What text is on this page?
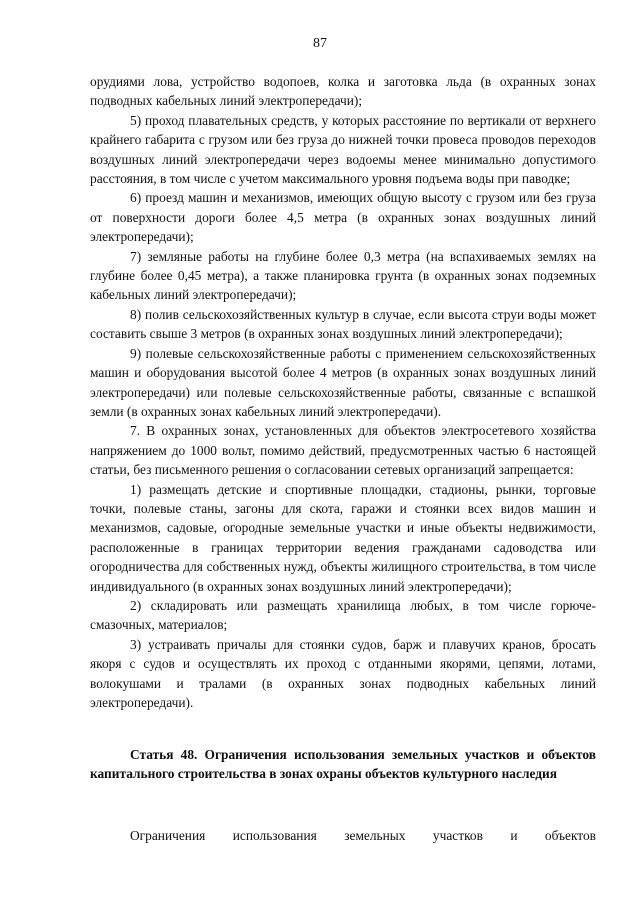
87

орудиями лова, устройство водопоев, колка и заготовка льда (в охранных зонах подводных кабельных линий электропередачи);

5) проход плавательных средств, у которых расстояние по вертикали от верхнего крайнего габарита с грузом или без груза до нижней точки провеса проводов переходов воздушных линий электропередачи через водоемы менее минимально допустимого расстояния, в том числе с учетом максимального уровня подъема воды при паводке;

6) проезд машин и механизмов, имеющих общую высоту с грузом или без груза от поверхности дороги более 4,5 метра (в охранных зонах воздушных линий электропередачи);

7) земляные работы на глубине более 0,3 метра (на вспахиваемых землях на глубине более 0,45 метра), а также планировка грунта (в охранных зонах подземных кабельных линий электропередачи);

8) полив сельскохозяйственных культур в случае, если высота струи воды может составить свыше 3 метров (в охранных зонах воздушных линий электропередачи);

9) полевые сельскохозяйственные работы с применением сельскохозяйственных машин и оборудования высотой более 4 метров (в охранных зонах воздушных линий электропередачи) или полевые сельскохозяйственные работы, связанные с вспашкой земли (в охранных зонах кабельных линий электропередачи).

7. В охранных зонах, установленных для объектов электросетевого хозяйства напряжением до 1000 вольт, помимо действий, предусмотренных частью 6 настоящей статьи, без письменного решения о согласовании сетевых организаций запрещается:

1) размещать детские и спортивные площадки, стадионы, рынки, торговые точки, полевые станы, загоны для скота, гаражи и стоянки всех видов машин и механизмов, садовые, огородные земельные участки и иные объекты недвижимости, расположенные в границах территории ведения гражданами садоводства или огородничества для собственных нужд, объекты жилищного строительства, в том числе индивидуального (в охранных зонах воздушных линий электропередачи);

2) складировать или размещать хранилища любых, в том числе горюче-смазочных, материалов;

3) устраивать причалы для стоянки судов, барж и плавучих кранов, бросать якоря с судов и осуществлять их проход с отданными якорями, цепями, лотами, волокушами и тралами (в охранных зонах подводных кабельных линий электропередачи).

Статья 48. Ограничения использования земельных участков и объектов капитального строительства в зонах охраны объектов культурного наследия
Ограничения использования земельных участков и объектов
